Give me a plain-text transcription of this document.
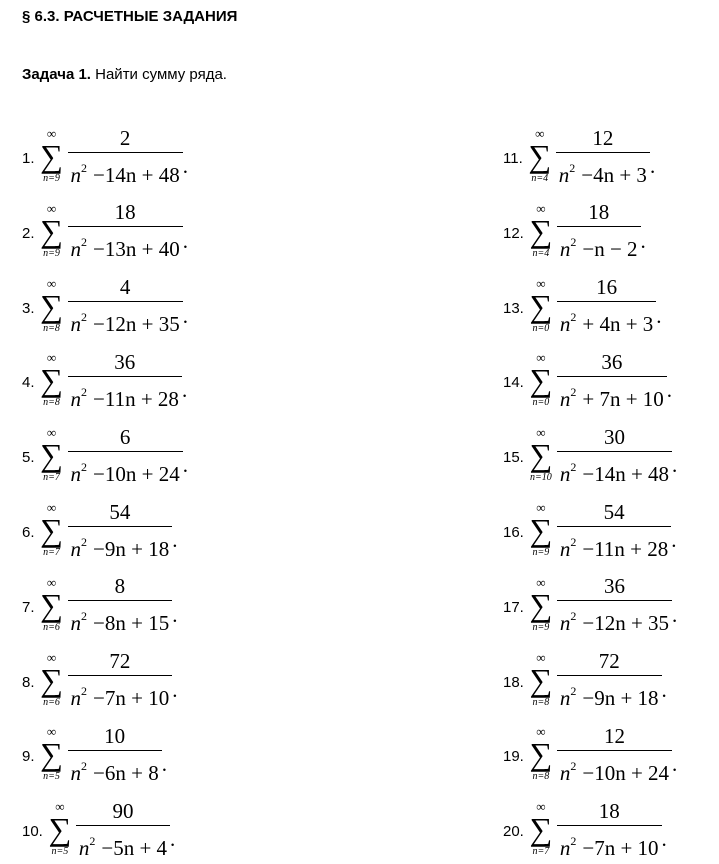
§ 6.3. РАСЧЕТНЫЕ ЗАДАНИЯ
Задача 1. Найти сумму ряда.
1.
∞
∑
$n=9 \frac{2}{n^2 -14n + 48}$ .
2.
∞
∑
$n=9 \frac{18}{n^2 -13n + 40}$ .
3.
∞
∑
$n=8 \frac{4}{n^2 -12n + 35}$ .
4.
∞
∑
$n=8 \frac{36}{n^2 -11n + 28}$ .
5.
∞
∑
$n=7 \frac{6}{n^2 -10n + 24}$ .
6.
∞
∑
$n=7 \frac{54}{n^2 -9n + 18}$ .
7.
∞
∑
$n=6 \frac{8}{n^2 -8n + 15}$ .
8.
∞
∑
$n=6 \frac{72}{n^2 -7n + 10}$ .
9.
∞
∑
$n=5 \frac{10}{n^2 -6n + 8}$ .
10.
∞
∑
$n=5 \frac{90}{n^2 -5n + 4}$ .
11.
∞
∑
$n=4 \frac{12}{n^2 -4n + 3}$ .
12.
∞
∑
$n=4 \frac{18}{n^2 -n - 2}$ .
13.
∞
∑
$n=0 \frac{16}{n^2 + 4n + 3}$ .
14.
∞
∑
$n=0 \frac{36}{n^2 + 7n + 10}$ .
15.
∞
∑
$n=10 \frac{30}{n^2 -14n + 48}$ .
16.
∞
∑
$n=9 \frac{54}{n^2 -11n + 28}$ .
17.
∞
∑
$n=9 \frac{36}{n^2 -12n + 35}$ .
18.
∞
∑
$n=8 \frac{72}{n^2 -9n + 18}$ .
19.
∞
∑
$n=8 \frac{12}{n^2 -10n + 24}$ .
20.
∞
∑
$n=7 \frac{18}{n^2 -7n + 10}$ .
